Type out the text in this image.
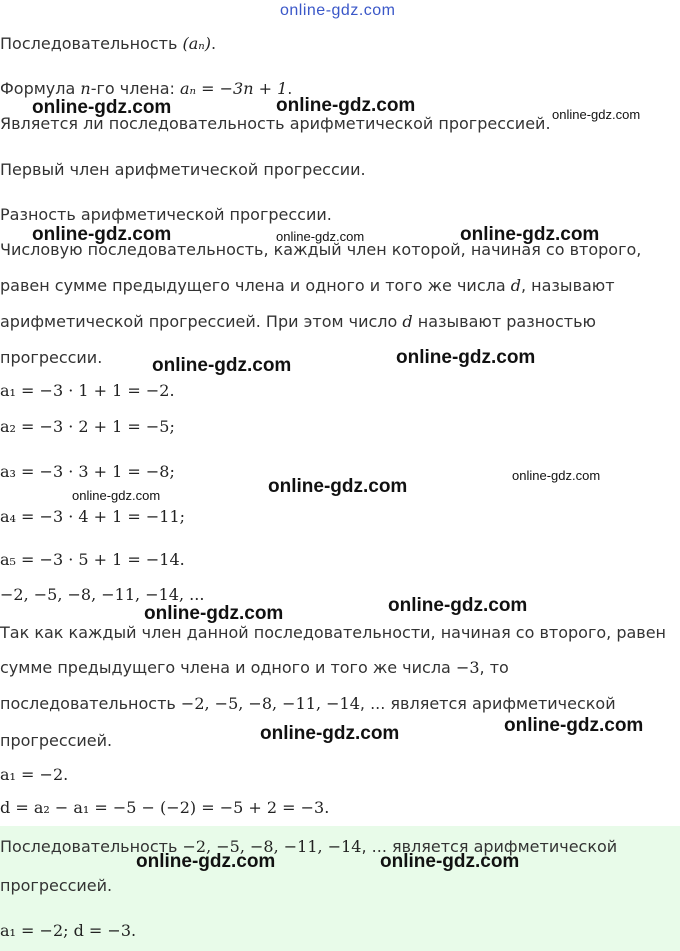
online-gdz.com
Последовательность (aₙ).
Формула n-го члена: aₙ = −3n + 1.
Является ли последовательность арифметической прогрессией.
Первый член арифметической прогрессии.
Разность арифметической прогрессии.
Числовую последовательность, каждый член которой, начиная со второго,
равен сумме предыдущего члена и одного и того же числа d, называют
арифметической прогрессией. При этом число d называют разностью
прогрессии.
a₁ = −3 · 1 + 1 = −2.
a₂ = −3 · 2 + 1 = −5;
a₃ = −3 · 3 + 1 = −8;
a₄ = −3 · 4 + 1 = −11;
a₅ = −3 · 5 + 1 = −14.
−2, −5, −8, −11, −14, ...
Так как каждый член данной последовательности, начиная со второго, равен
сумме предыдущего члена и одного и того же числа −3, то
последовательность −2, −5, −8, −11, −14, ... является арифметической
прогрессией.
a₁ = −2.
d = a₂ − a₁ = −5 − (−2) = −5 + 2 = −3.
Последовательность −2, −5, −8, −11, −14, ... является арифметической
прогрессией.
a₁ = −2; d = −3.
online-gdz.com	online-gdz.com	online-gdz.com
online-gdz.com	online-gdz.com	online-gdz.com
online-gdz.com	online-gdz.com
online-gdz.com
online-gdz.com
online-gdz.com
online-gdz.com	online-gdz.com
online-gdz.com	online-gdz.com
online-gdz.com	online-gdz.com
